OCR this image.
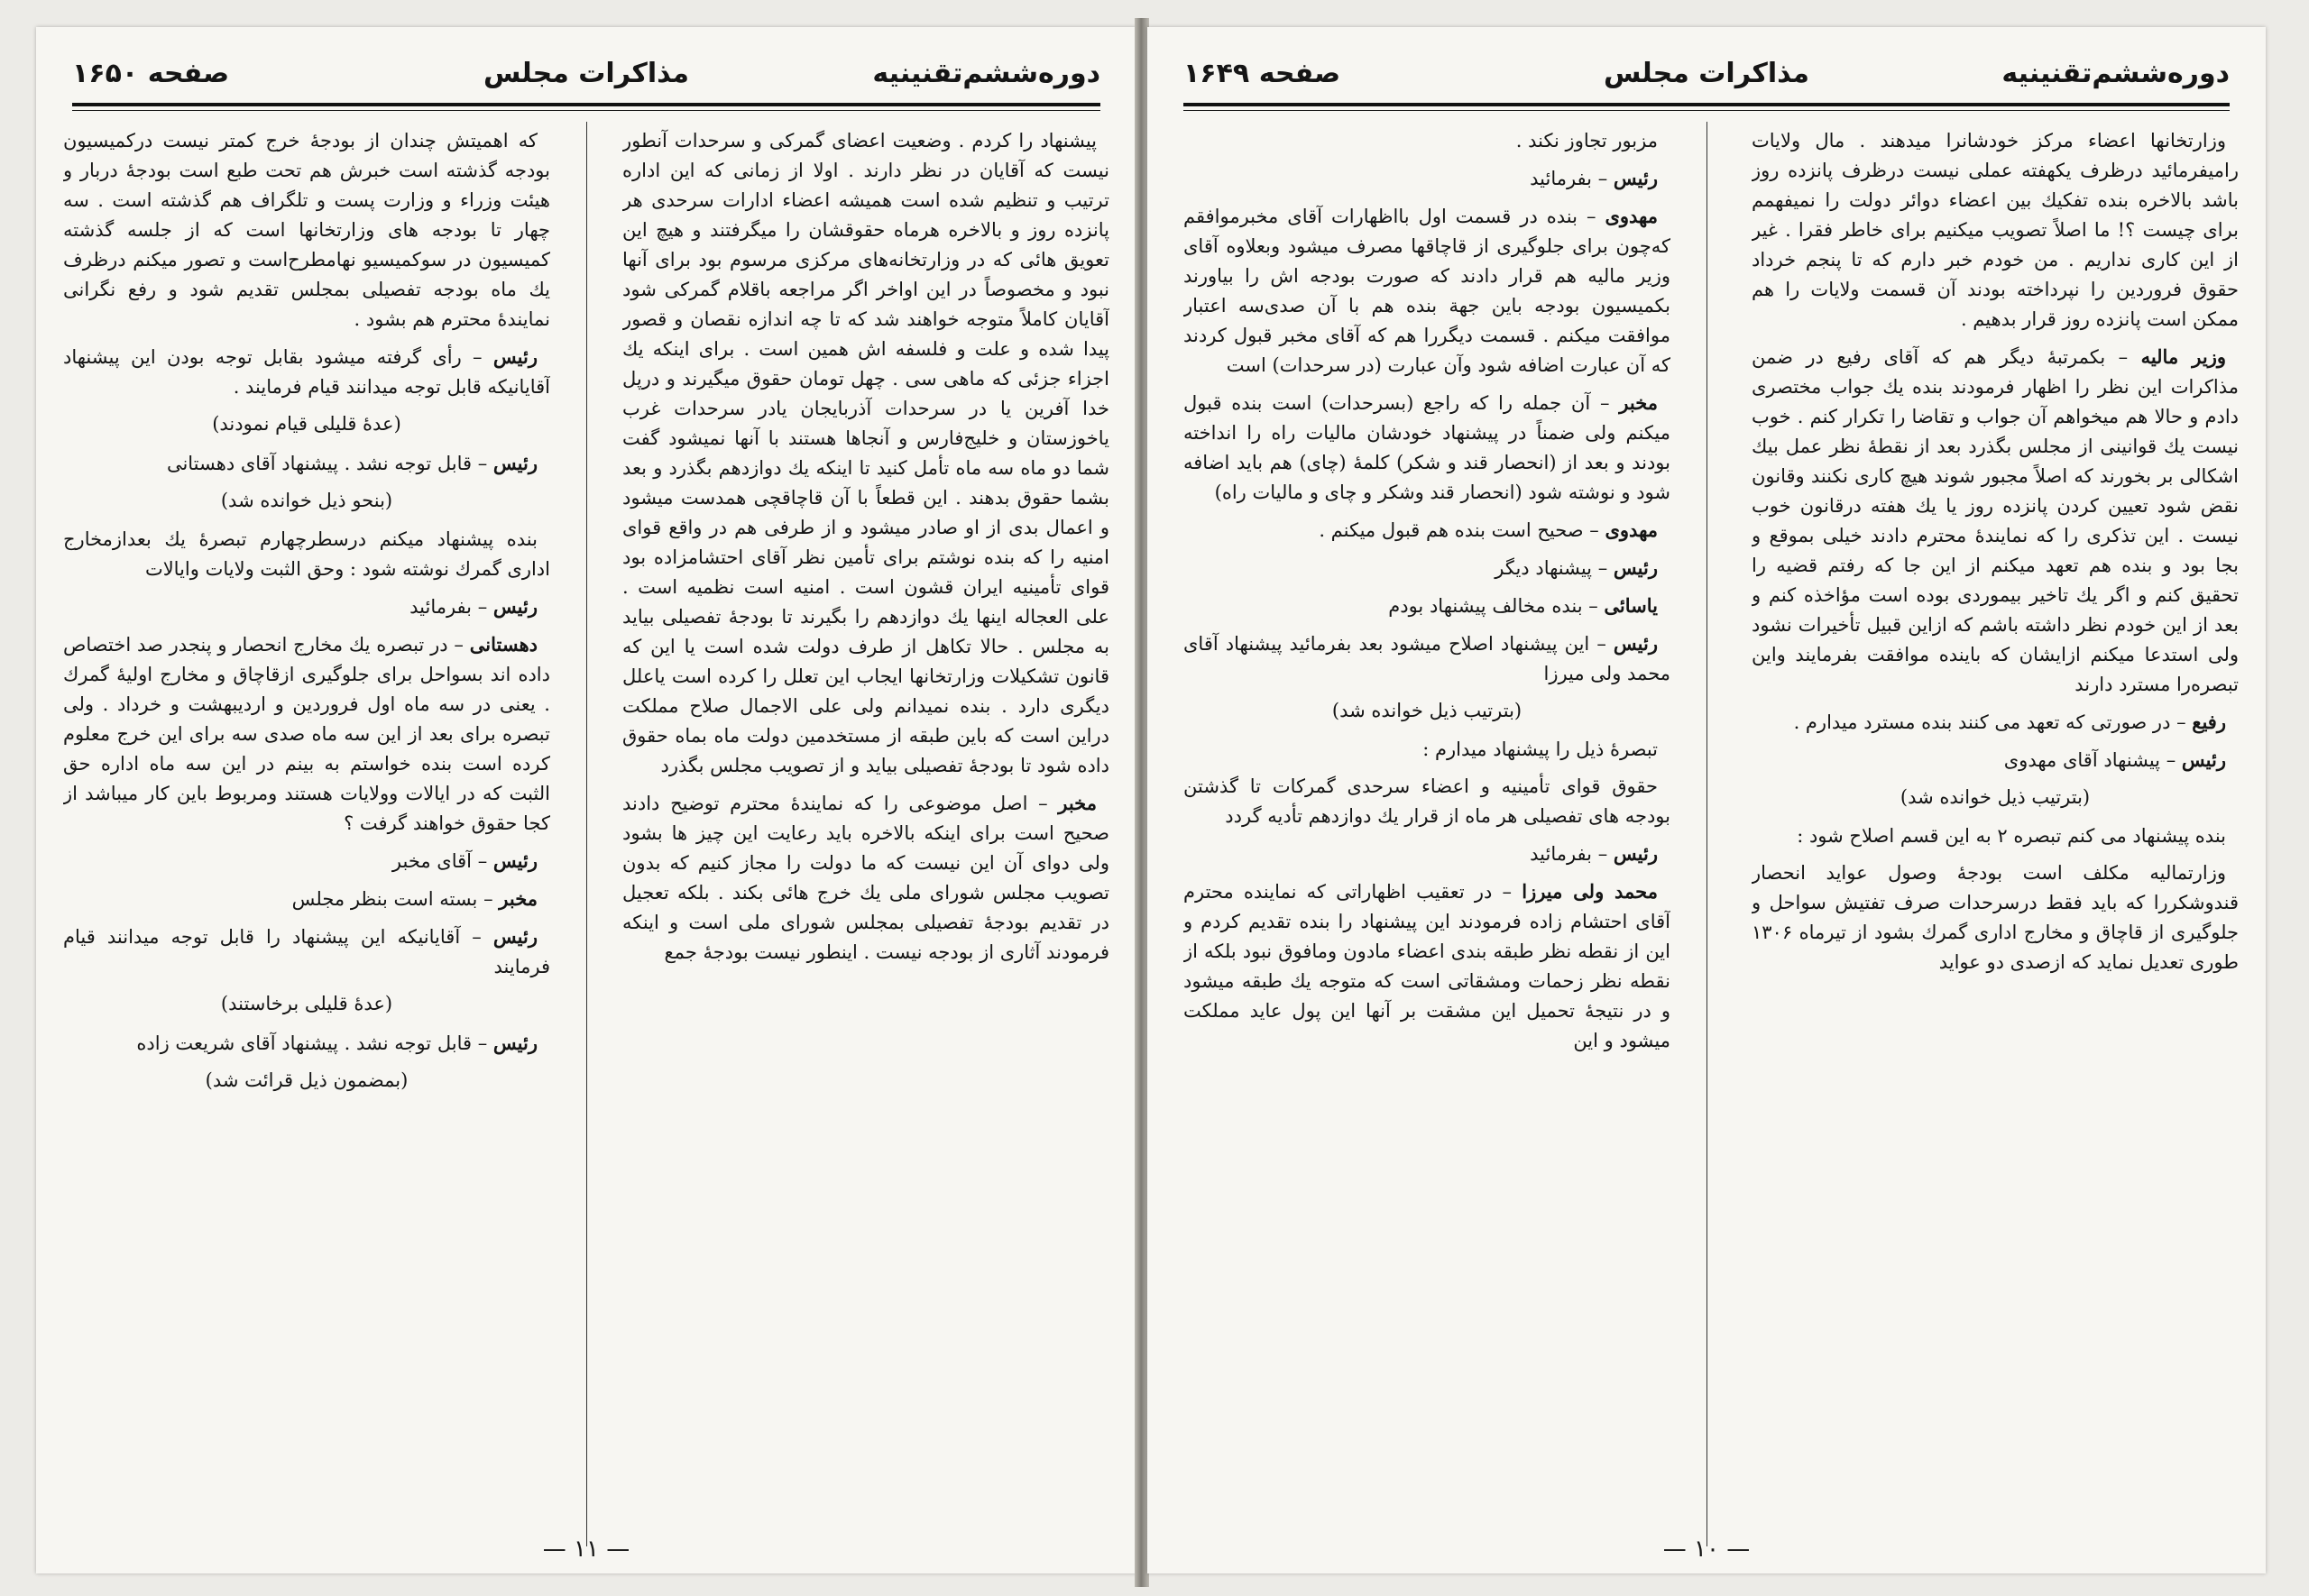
دوره‌ششم‌تقنینیه
مذاکرات مجلس
صفحه ۱۶۵۰

پیشنهاد را کردم . وضعیت اعضای گمرکی و سرحدات آنطور نیست که آقایان در نظر دارند . اولا از زمانی که این اداره ترتیب و تنظیم شده است همیشه اعضاء ادارات سرحدی هر پانزده روز و بالاخره هرماه حقوقشان را میگرفتند و هیچ این تعویق هائی که در وزارتخانه‌های مرکزی مرسوم بود برای آنها نبود و مخصوصاً در این اواخر اگر مراجعه باقلام گمرکی شود آقایان کاملاً متوجه خواهند شد که تا چه اندازه نقصان و قصور پیدا شده و علت و فلسفه اش همین است . برای اینکه یك اجزاء جزئی که ماهی سی . چهل تومان حقوق میگیرند و درپل خدا آفرین یا در سرحدات آذربایجان یادر سرحدات غرب یاخوزستان و خلیج‌فارس و آنجاها هستند با آنها نمیشود گفت شما دو ماه سه ماه تأمل کنید تا اینکه یك دوازدهم بگذرد و بعد بشما حقوق بدهند . این قطعاً با آن قاچاقچی همدست میشود و اعمال بدی از او صادر میشود و از طرفی هم در واقع قوای امنیه را که بنده نوشتم برای تأمین نظر آقای احتشامزاده بود قوای تأمینیه ایران قشون است . امنیه است نظمیه است . علی العجاله اینها یك دوازدهم را بگیرند تا بودجهٔ تفصیلی بیاید به مجلس . حالا تکاهل از طرف دولت شده است یا این که قانون تشکیلات وزارتخانها ایجاب این تعلل را کرده است یاعلل دیگری دارد . بنده نمیدانم ولی علی الاجمال صلاح مملکت دراین است که باین طبقه از مستخدمین دولت ماه بماه حقوق داده شود تا بودجهٔ تفصیلی بیاید و از تصویب مجلس بگذرد

مخبر – اصل موضوعی را که نمایندهٔ محترم توضیح دادند صحیح است برای اینکه بالاخره باید رعایت این چیز ها بشود ولی دوای آن این نیست که ما دولت را مجاز کنیم که بدون تصویب مجلس شورای ملی یك خرج هائی بکند . بلکه تعجیل در تقدیم بودجهٔ تفصیلی بمجلس شورای ملی است و اینکه فرمودند آثاری از بودجه نیست . اینطور نیست بودجهٔ جمع

که اهمیتش چندان از بودجهٔ خرج کمتر نیست درکمیسیون بودجه گذشته است خبرش هم تحت طبع است بودجهٔ دربار و هیئت وزراء و وزارت پست و تلگراف هم گذشته است . سه چهار تا بودجه های وزارتخانها است که از جلسه گذشته کمیسیون در سوکمیسیو نها‌مطرح‌است و تصور میکنم درظرف یك ماه بودجه تفصیلی بمجلس تقدیم شود و رفع نگرانی نمایندهٔ محترم هم بشود .

رئیس – رأی گرفته میشود بقابل توجه بودن این پیشنهاد آقایانیکه قابل توجه میدانند قیام فرمایند .

(عدهٔ قلیلی قیام نمودند)

رئیس – قابل توجه نشد . پیشنهاد آقای دهستانی

(بنحو ذیل خوانده شد)

بنده پیشنهاد میکنم درسطرچهارم تبصرهٔ یك بعدازمخارج اداری گمرك نوشته شود : وحق الثبت ولایات وایالات

رئیس – بفرمائید

دهستانی – در تبصره یك مخارج انحصار و پنجدر صد اختصاص داده اند بسواحل برای جلوگیری ازقاچاق و مخارج اولیهٔ گمرك . یعنی در سه ماه اول فروردین و اردیبهشت و خرداد . ولی تبصره برای بعد از این سه ماه صدی سه برای این خرج معلوم کرده است بنده خواستم به بینم در این سه ماه اداره حق الثبت که در ایالات وولایات هستند ومربوط باین کار میباشد از کجا حقوق خواهند گرفت ؟

رئیس – آقای مخبر

مخبر – بسته است بنظر مجلس

رئیس – آقایانیکه این پیشنهاد را قابل توجه میدانند قیام فرمایند

(عدهٔ قلیلی برخاستند)

رئیس – قابل توجه نشد . پیشنهاد آقای شریعت زاده

(بمضمون ذیل قرائت شد)

— ۱۱ —
دوره‌ششم‌تقنینیه
مذاکرات مجلس
صفحه ۱۶۴۹

وزارتخانها اعضاء مرکز خودشانرا میدهند . مال ولایات رامیفرمائید درظرف یکهفته عملی نیست درظرف پانزده روز باشد بالاخره بنده تفکیك بین اعضاء دوائر دولت را نمیفهمم برای چیست ؟! ما اصلاً تصویب میکنیم برای خاطر فقرا . غیر از این کاری نداریم . من خودم خبر دارم که تا پنجم خرداد حقوق فروردین را نپرداخته بودند آن قسمت ولایات را هم ممکن است پانزده روز قرار بدهیم .

وزیر مالیه – بکمرتبهٔ دیگر هم که آقای رفیع در ضمن مذاکرات این نظر را اظهار فرمودند بنده یك جواب مختصری دادم و حالا هم میخواهم آن جواب و تقاضا را تکرار کنم . خوب نیست یك قوانینی از مجلس بگذرد بعد از نقطهٔ نظر عمل بیك اشکالی بر بخورند که اصلاً مجبور شوند هیچ کاری نکنند وقانون نقض شود تعیین کردن پانزده روز یا یك هفته درقانون خوب نیست . این تذکری را که نمایندهٔ محترم دادند خیلی بموقع و بجا بود و بنده هم تعهد میکنم از این جا که رفتم قضیه را تحقیق کنم و اگر یك تاخیر بیموردی بوده است مؤاخذه کنم و بعد از این خودم نظر داشته باشم که ازاین قبیل تأخیرات نشود ولی استدعا میکنم ازایشان که باینده موافقت بفرمایند واین تبصره‌را مسترد دارند

رفیع – در صورتی که تعهد می کنند بنده مسترد میدارم .

رئیس – پیشنهاد آقای مهدوی

(بترتیب ذیل خوانده شد)

بنده پیشنهاد می کنم تبصره ۲ به این قسم اصلاح شود :

وزارتمالیه مکلف است بودجهٔ وصول عواید انحصار قندوشکررا که باید فقط درسرحدات صرف تفتیش سواحل و جلوگیری از قاچاق و مخارج اداری گمرك بشود از تیرماه ۱۳۰۶ طوری تعدیل نماید که ازصدی دو عواید

مزبور تجاوز نکند .

رئیس – بفرمائید

مهدوی – بنده در قسمت اول بااظهارات آقای مخبرموافقم که‌چون برای جلوگیری از قاچاقها مصرف میشود وبعلاوه آقای وزیر مالیه هم قرار دادند که صورت بودجه اش را بیاورند بکمیسیون بودجه باین جهة بنده هم با آن صدی‌سه اعتبار موافقت میکنم . قسمت دیگررا هم که آقای مخبر قبول کردند که آن عبارت اضافه شود وآن عبارت (در سرحدات) است

مخبر – آن جمله را که راجع (بسرحدات) است بنده قبول میکنم ولی ضمناً در پیشنهاد خودشان مالیات راه را انداخته بودند و بعد از (انحصار قند و شکر) کلمهٔ (چای) هم باید اضافه شود و نوشته شود (انحصار قند وشکر و چای و مالیات راه)

مهدوی – صحیح است بنده هم قبول میکنم .

رئیس – پیشنهاد دیگر

یاسائی – بنده مخالف پیشنهاد بودم

رئیس – این پیشنهاد اصلاح میشود بعد بفرمائید پیشنهاد آقای محمد ولی میرزا

(بترتیب ذیل خوانده شد)

تبصرهٔ ذیل را پیشنهاد میدارم :

حقوق قوای تأمینیه و اعضاء سرحدی گمرکات تا گذشتن بودجه های تفصیلی هر ماه از قرار یك دوازدهم تأدیه گردد

رئیس – بفرمائید

محمد ولی میرزا – در تعقیب اظهاراتی که نماینده محترم آقای احتشام زاده فرمودند این پیشنهاد را بنده تقدیم کردم و این از نقطه نظر طبقه بندی اعضاء مادون ومافوق نبود بلکه از نقطه نظر زحمات ومشقاتی است که متوجه یك طبقه میشود و در نتیجهٔ تحمیل این مشقت بر آنها این پول عاید مملکت میشود و این

— ۱۰ —
